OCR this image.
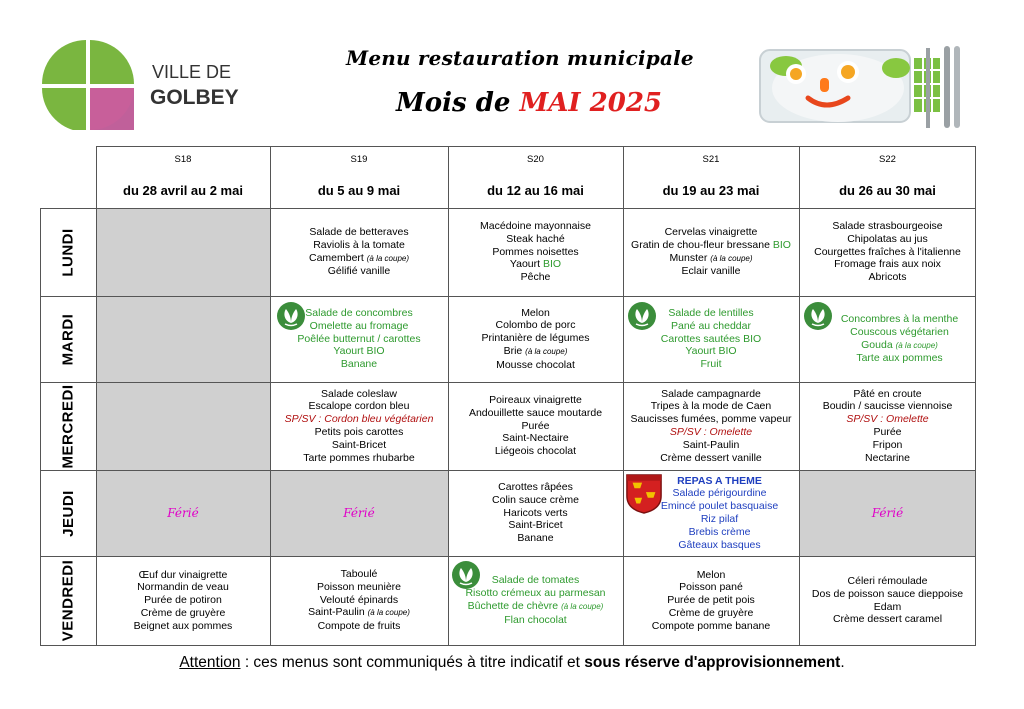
VILLE DE
GOLBEY
Menu restauration municipale
Mois de MAI 2025
S18
du 28 avril au 2 mai
S19
du 5 au 9 mai
S20
du 12 au 16 mai
S21
du 19 au 23 mai
S22
du 26 au 30 mai
LUNDI
MARDI
MERCREDI
JEUDI
VENDREDI
Salade de betteraves
Raviolis à la tomate
Camembert (à la coupe)
Gélifié vanille
Macédoine mayonnaise
Steak haché
Pommes noisettes
Yaourt BIO
Pêche
Cervelas vinaigrette
Gratin de chou-fleur bressane BIO
Munster (à la coupe)
Eclair vanille
Salade strasbourgeoise
Chipolatas au jus
Courgettes fraîches à l'italienne
Fromage frais aux noix
Abricots
Salade de concombres
Omelette au fromage
Poêlée butternut / carottes
Yaourt BIO
Banane
Melon
Colombo de porc
Printanière de légumes
Brie (à la coupe)
Mousse chocolat
Salade de lentilles
Pané au cheddar
Carottes sautées BIO
Yaourt BIO
Fruit
Concombres à la menthe
Couscous végétarien
Gouda (à la coupe)
Tarte aux pommes
Salade coleslaw
Escalope cordon bleu
SP/SV : Cordon bleu végétarien
Petits pois carottes
Saint-Bricet
Tarte pommes rhubarbe
Poireaux vinaigrette
Andouillette sauce moutarde
Purée
Saint-Nectaire
Liégeois chocolat
Salade campagnarde
Tripes à la mode de Caen
Saucisses fumées, pomme vapeur
SP/SV : Omelette
Saint-Paulin
Crème dessert vanille
Pâté en croute
Boudin / saucisse viennoise
SP/SV : Omelette
Purée
Fripon
Nectarine
Férié	Férié
Carottes râpées
Colin sauce crème
Haricots verts
Saint-Bricet
Banane
REPAS A THEME
Salade périgourdine
Emincé poulet basquaise
Riz pilaf
Brebis crème
Gâteaux basques
Férié
Œuf dur vinaigrette
Normandin de veau
Purée de potiron
Crème de gruyère
Beignet aux pommes
Taboulé
Poisson meunière
Velouté épinards
Saint-Paulin (à la coupe)
Compote de fruits
Salade de tomates
Risotto crémeux au parmesan
Bûchette de chèvre (à la coupe)
Flan chocolat
Melon
Poisson pané
Purée de petit pois
Crème de gruyère
Compote pomme banane
Céleri rémoulade
Dos de poisson sauce dieppoise
Edam
Crème dessert caramel
Attention : ces menus sont communiqués à titre indicatif et sous réserve d'approvisionnement.
